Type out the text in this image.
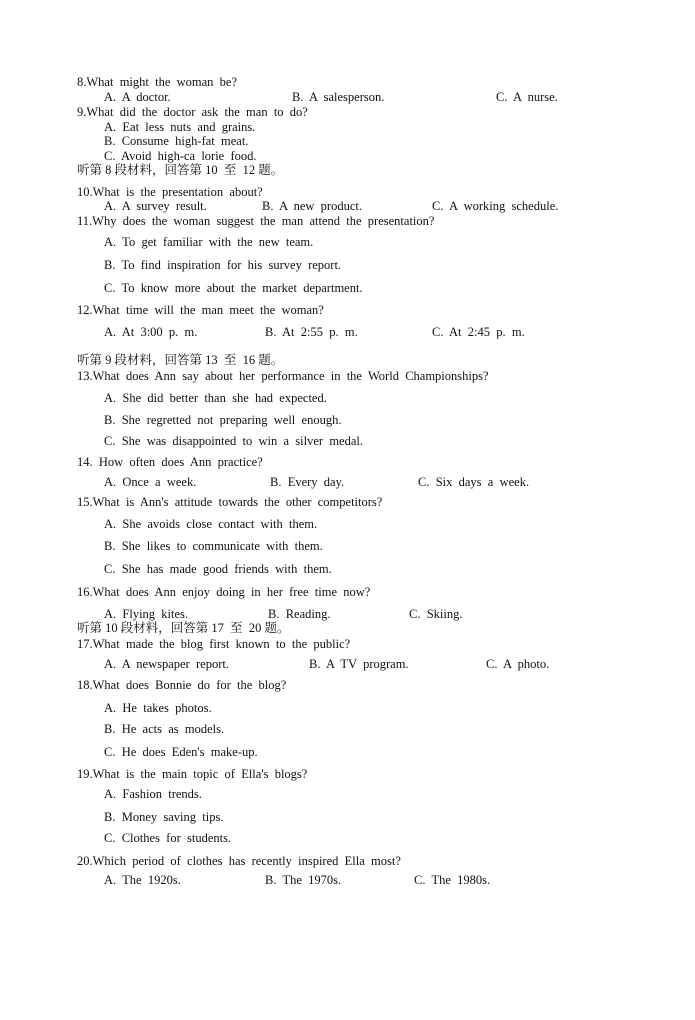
8.What  might  the  woman  be?
A.  A  doctor.	B.  A  salesperson.	C.  A  nurse.
9.What  did  the  doctor  ask  the  man  to  do?
A.  Eat  less  nuts  and  grains.
B.  Consume  high-fat  meat.
C.  Avoid  high-ca  lorie  food.
听第 8 段材料，回答第 10  至  12 题。
10.What  is  the  presentation  about?
A.  A  survey  result.	B.  A  new  product.	C.  A  working  schedule.
11.Why  does  the  woman  suggest  the  man  attend  the  presentation?
A.  To  get  familiar  with  the  new  team.
B.  To  find  inspiration  for  his  survey  report.
C.  To  know  more  about  the  market  department.
12.What  time  will  the  man  meet  the  woman?
A.  At  3:00  p.  m.	B.  At  2:55  p.  m.	C.  At  2:45  p.  m.
听第 9 段材料，回答第 13  至  16 题。
13.What  does  Ann  say  about  her  performance  in  the  World  Championships?
A.  She  did  better  than  she  had  expected.
B.  She  regretted  not  preparing  well  enough.
C.  She  was  disappointed  to  win  a  silver  medal.
14.  How  often  does  Ann  practice?
A.  Once  a  week.	B.  Every  day.	C.  Six  days  a  week.
15.What  is  Ann's  attitude  towards  the  other  competitors?
A.  She  avoids  close  contact  with  them.
B.  She  likes  to  communicate  with  them.
C.  She  has  made  good  friends  with  them.
16.What  does  Ann  enjoy  doing  in  her  free  time  now?
A.  Flying  kites.	B.  Reading.	C.  Skiing.
听第 10 段材料，回答第 17  至  20 题。
17.What  made  the  blog  first  known  to  the  public?
A.  A  newspaper  report.	B.  A  TV  program.	C.  A  photo.
18.What  does  Bonnie  do  for  the  blog?
A.  He  takes  photos.
B.  He  acts  as  models.
C.  He  does  Eden's  make-up.
19.What  is  the  main  topic  of  Ella's  blogs?
A.  Fashion  trends.
B.  Money  saving  tips.
C.  Clothes  for  students.
20.Which  period  of  clothes  has  recently  inspired  Ella  most?
A.  The  1920s.	B.  The  1970s.	C.  The  1980s.
